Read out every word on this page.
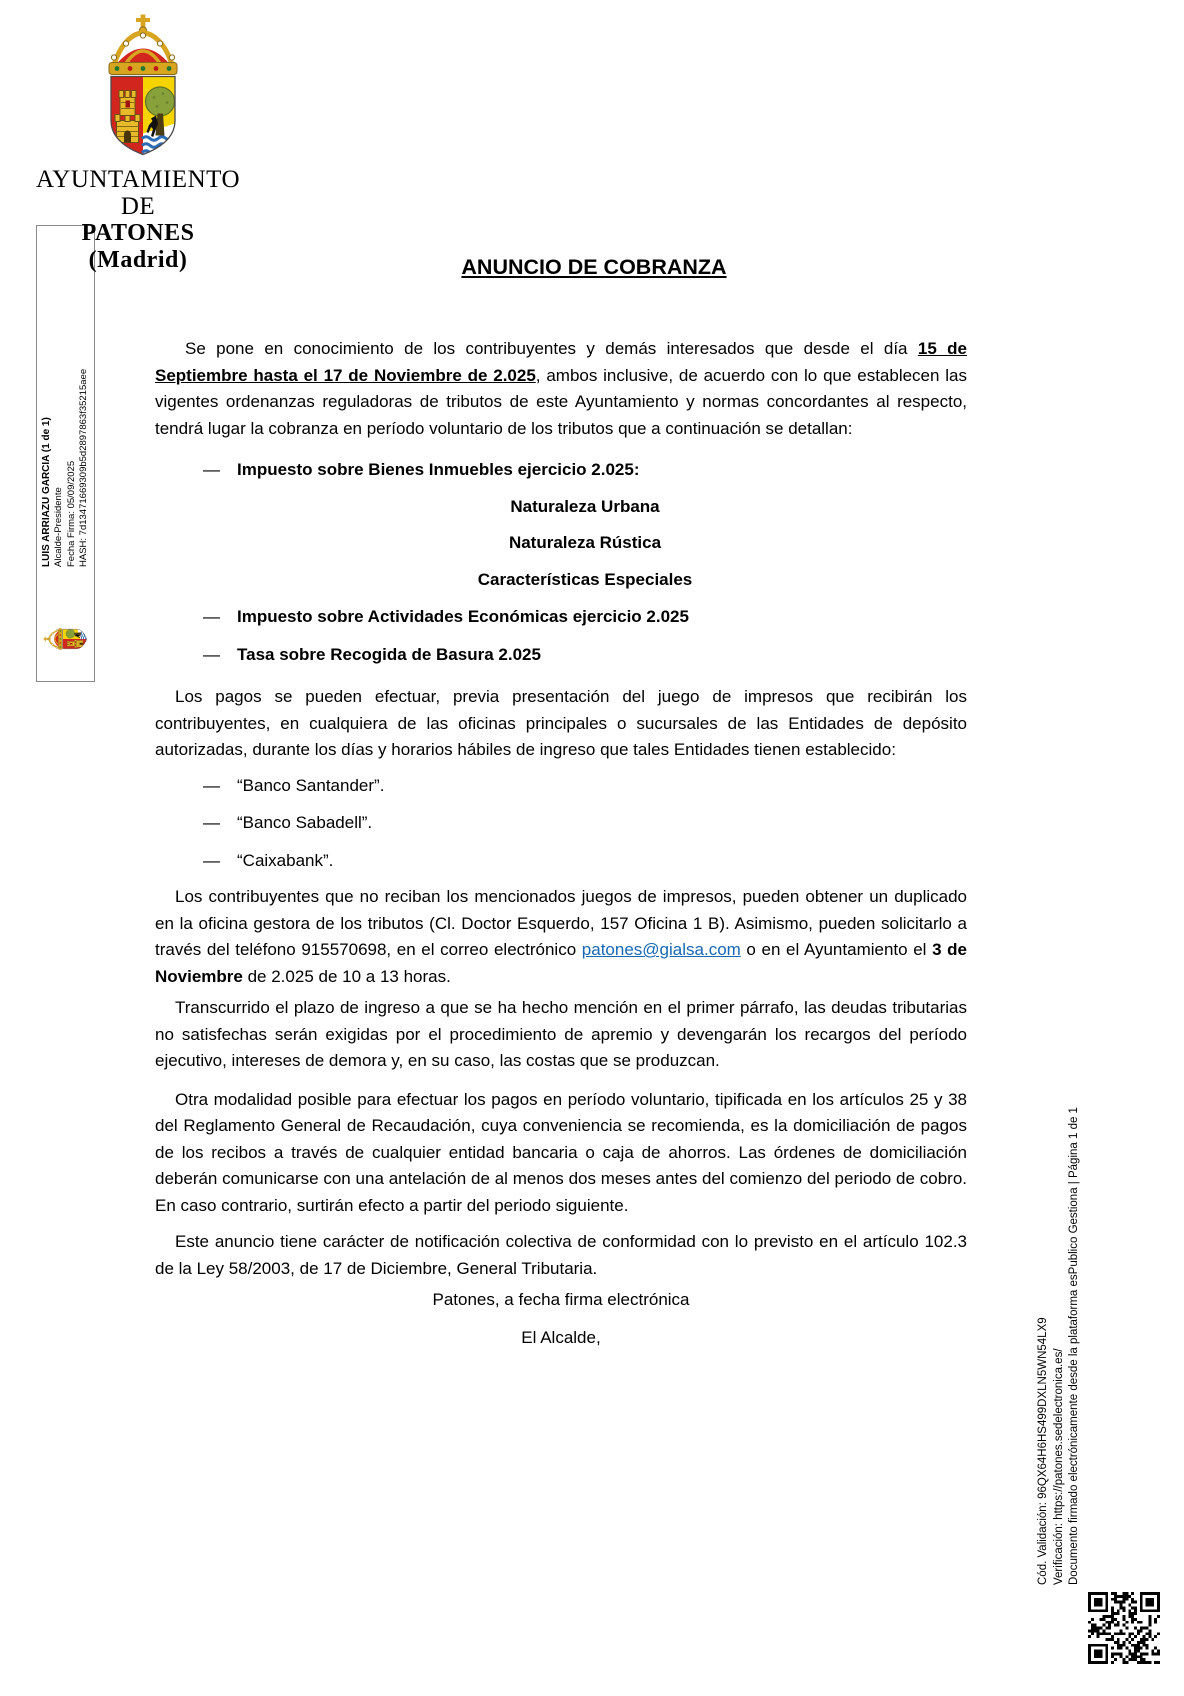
AYUNTAMIENTO
DE
PATONES
(Madrid)
LUIS ARRIAZU GARCIA (1 de 1) Alcalde-Presidente Fecha Firma: 05/09/2025 HASH: 7d13471669309b5d2897863f35215aee
ANUNCIO DE COBRANZA

Se pone en conocimiento de los contribuyentes y demás interesados que desde el día 15 de Septiembre hasta el 17 de Noviembre de 2.025, ambos inclusive, de acuerdo con lo que establecen las vigentes ordenanzas reguladoras de tributos de este Ayuntamiento y normas concordantes al respecto, tendrá lugar la cobranza en período voluntario de los tributos que a continuación se detallan:

—	Impuesto sobre Bienes Inmuebles ejercicio 2.025:
Naturaleza Urbana
Naturaleza Rústica
Características Especiales
—	Impuesto sobre Actividades Económicas ejercicio 2.025
—	Tasa sobre Recogida de Basura 2.025

Los pagos se pueden efectuar, previa presentación del juego de impresos que recibirán los contribuyentes, en cualquiera de las oficinas principales o sucursales de las Entidades de depósito autorizadas, durante los días y horarios hábiles de ingreso que tales Entidades tienen establecido:

—	“Banco Santander”.
—	“Banco Sabadell”.
—	“Caixabank”.

Los contribuyentes que no reciban los mencionados juegos de impresos, pueden obtener un duplicado en la oficina gestora de los tributos (Cl. Doctor Esquerdo, 157 Oficina 1 B). Asimismo, pueden solicitarlo a través del teléfono 915570698, en el correo electrónico patones@gialsa.com o en el Ayuntamiento el 3 de Noviembre de 2.025 de 10 a 13 horas.

Transcurrido el plazo de ingreso a que se ha hecho mención en el primer párrafo, las deudas tributarias no satisfechas serán exigidas por el procedimiento de apremio y devengarán los recargos del período ejecutivo, intereses de demora y, en su caso, las costas que se produzcan.

Otra modalidad posible para efectuar los pagos en período voluntario, tipificada en los artículos 25 y 38 del Reglamento General de Recaudación, cuya conveniencia se recomienda, es la domiciliación de pagos de los recibos a través de cualquier entidad bancaria o caja de ahorros. Las órdenes de domiciliación deberán comunicarse con una antelación de al menos dos meses antes del comienzo del periodo de cobro. En caso contrario, surtirán efecto a partir del periodo siguiente.

Este anuncio tiene carácter de notificación colectiva de conformidad con lo previsto en el artículo 102.3 de la Ley 58/2003, de 17 de Diciembre, General Tributaria.

Patones, a fecha firma electrónica

El Alcalde,	Cód. Validación: 96QX64H6HS499DXLN5WN54LX9 Verificación: https://patones.sedelectronica.es/ Documento firmado electrónicamente desde la plataforma esPublico Gestiona | Página 1 de 1
